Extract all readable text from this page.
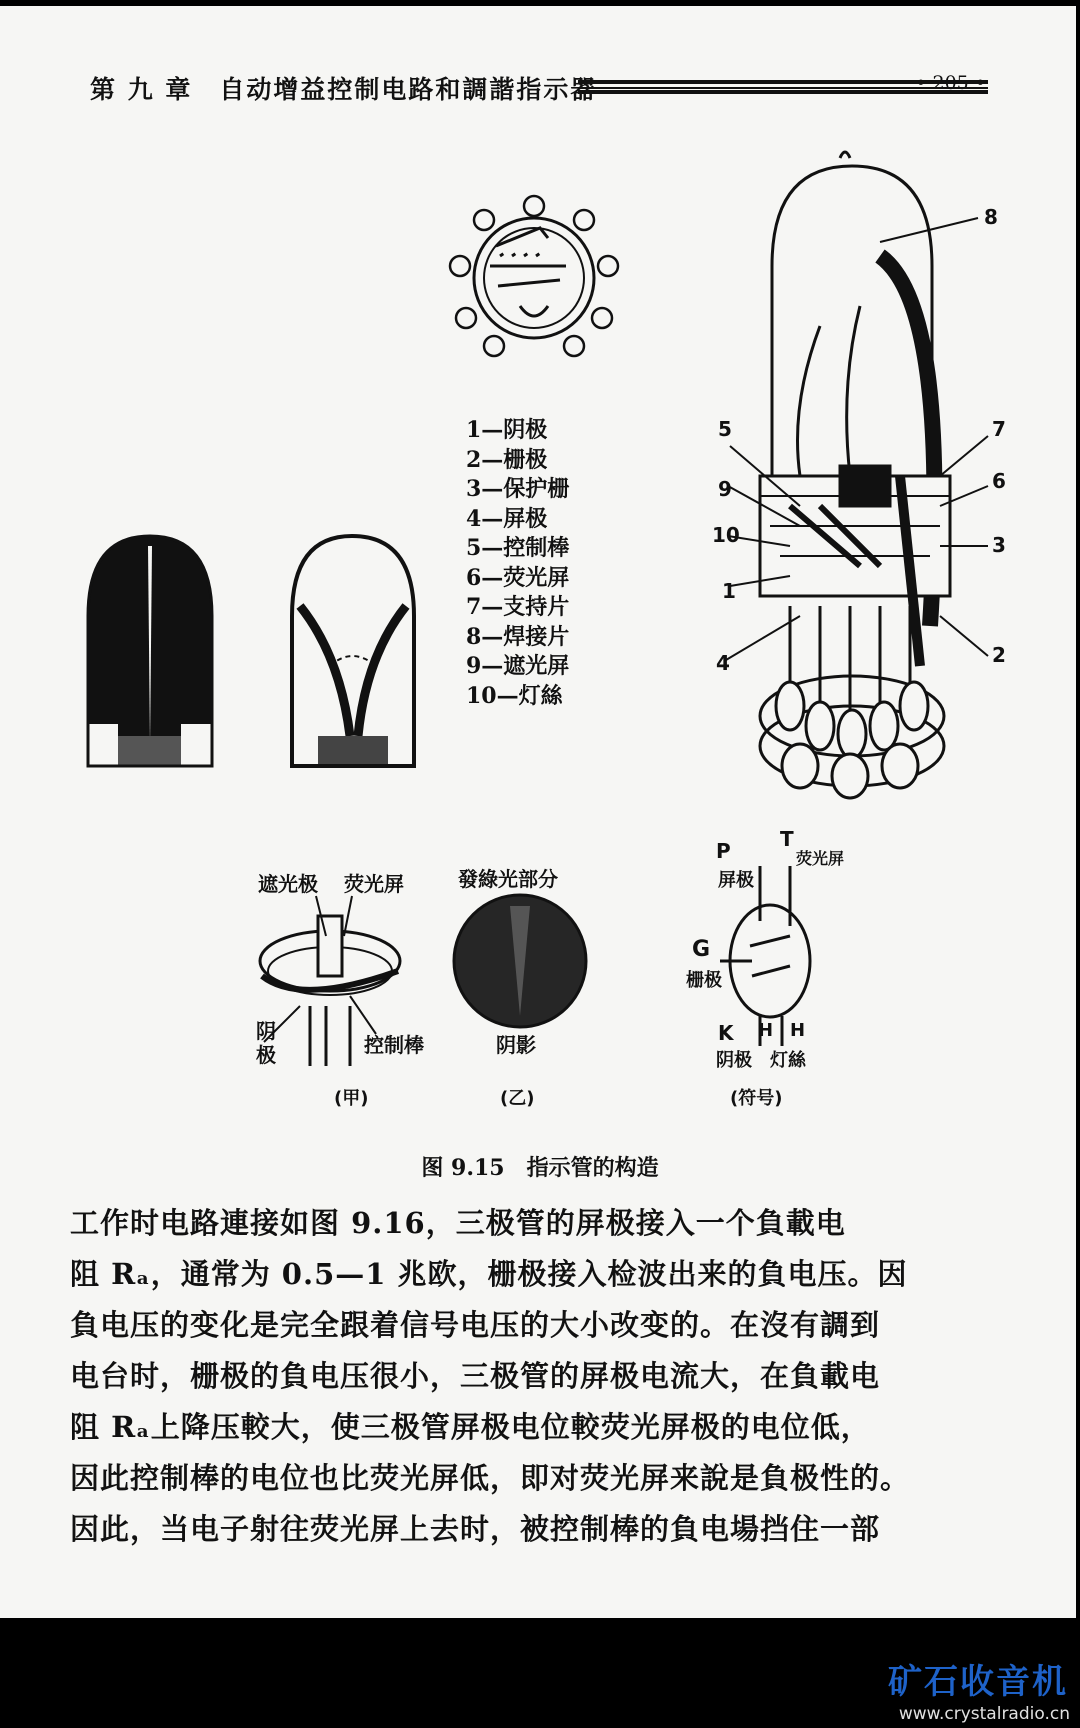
第 九 章　自动增益控制电路和調諧指示器	• 205 •
8
5
9
10
1
4
7
6
3
2
遮光极 荧光屏
阴
极	控制棒
(甲)
發綠光部分
阴影
(乙)
P
屏极
T
荧光屏
G
栅极
K
阴极
H H
灯絲
(符号)
1—阴极
2—栅极
3—保护栅
4—屏极
5—控制棒
6—荧光屏
7—支持片
8—焊接片
9—遮光屏
10—灯絲
图 9.15　指示管的构造

工作时电路連接如图 9.16，三极管的屏极接入一个負載电
阻 Rₐ，通常为 0.5—1 兆欧，栅极接入检波出来的負电压。因
負电压的变化是完全跟着信号电压的大小改变的。在沒有調到
电台时，栅极的負电压很小，三极管的屏极电流大，在負載电
阻 Rₐ上降压較大，使三极管屏极电位較荧光屏极的电位低，
因此控制棒的电位也比荧光屏低，即对荧光屏来說是負极性的。
因此，当电子射往荧光屏上去时，被控制棒的負电場挡住一部

矿石收音机
www.crystalradio.cn
